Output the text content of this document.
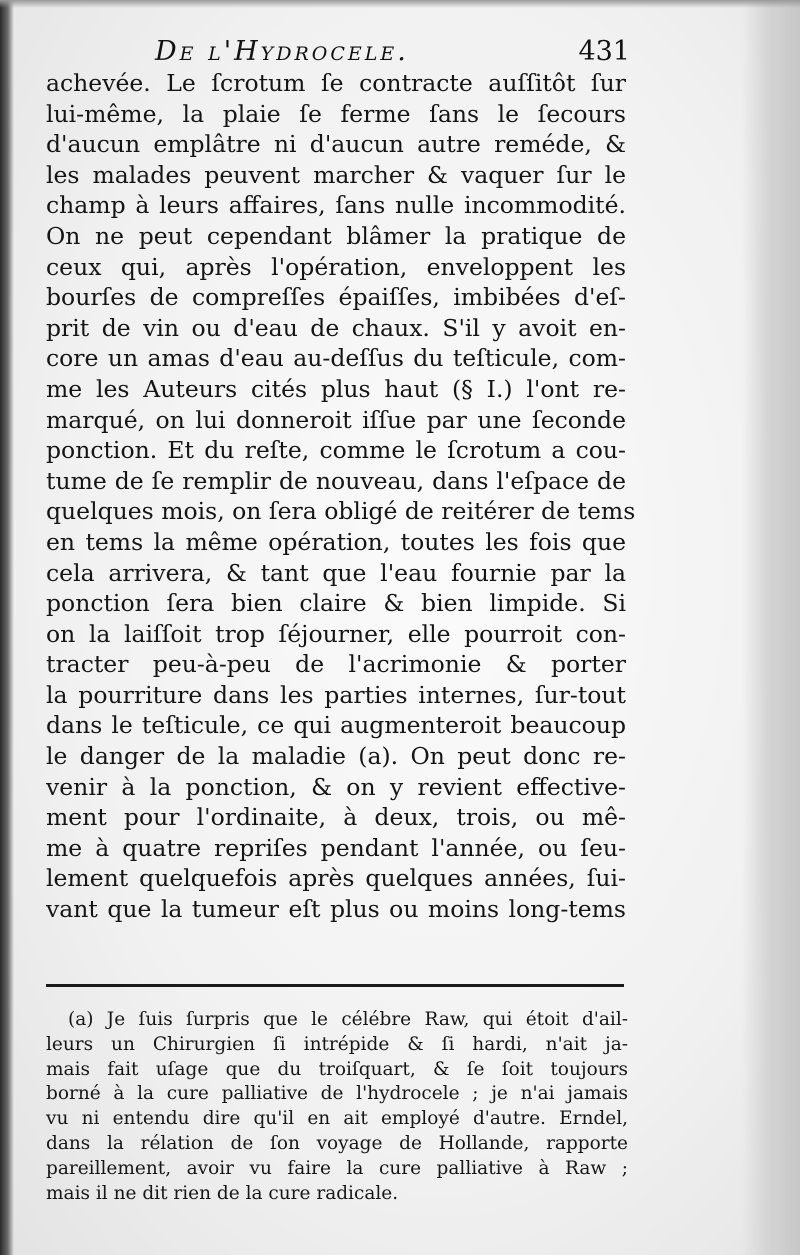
De l'Hydrocele.	431
achevée. Le ſcrotum ſe contracte auſſitôt ſur
lui-même, la plaie ſe ferme ſans le ſecours
d'aucun emplâtre ni d'aucun autre reméde, &
les malades peuvent marcher & vaquer ſur le
champ à leurs affaires, ſans nulle incommodité.
On ne peut cependant blâmer la pratique de
ceux qui, après l'opération, enveloppent les
bourſes de compreſſes épaiſſes, imbibées d'eſ-
prit de vin ou d'eau de chaux. S'il y avoit en-
core un amas d'eau au-deſſus du teſticule, com-
me les Auteurs cités plus haut (§ I.) l'ont re-
marqué, on lui donneroit iſſue par une ſeconde
ponction. Et du reſte, comme le ſcrotum a cou-
tume de ſe remplir de nouveau, dans l'eſpace de
quelques mois, on ſera obligé de reitérer de tems
en tems la même opération, toutes les fois que
cela arrivera, & tant que l'eau fournie par la
ponction ſera bien claire & bien limpide. Si
on la laiſſoit trop ſéjourner, elle pourroit con-
tracter peu-à-peu de l'acrimonie & porter
la pourriture dans les parties internes, ſur-tout
dans le teſticule, ce qui augmenteroit beaucoup
le danger de la maladie (a). On peut donc re-
venir à la ponction, & on y revient effective-
ment pour l'ordinaite, à deux, trois, ou mê-
me à quatre repriſes pendant l'année, ou ſeu-
lement quelquefois après quelques années, ſui-
vant que la tumeur eſt plus ou moins long-tems
(a) Je ſuis ſurpris que le célébre Raw, qui étoit d'ail-
leurs un Chirurgien ſi intrépide & ſi hardi, n'ait ja-
mais fait uſage que du troiſquart, & ſe ſoit toujours
borné à la cure palliative de l'hydrocele ; je n'ai jamais
vu ni entendu dire qu'il en ait employé d'autre. Erndel,
dans la rélation de ſon voyage de Hollande, rapporte
pareillement, avoir vu faire la cure palliative à Raw ;
mais il ne dit rien de la cure radicale.
